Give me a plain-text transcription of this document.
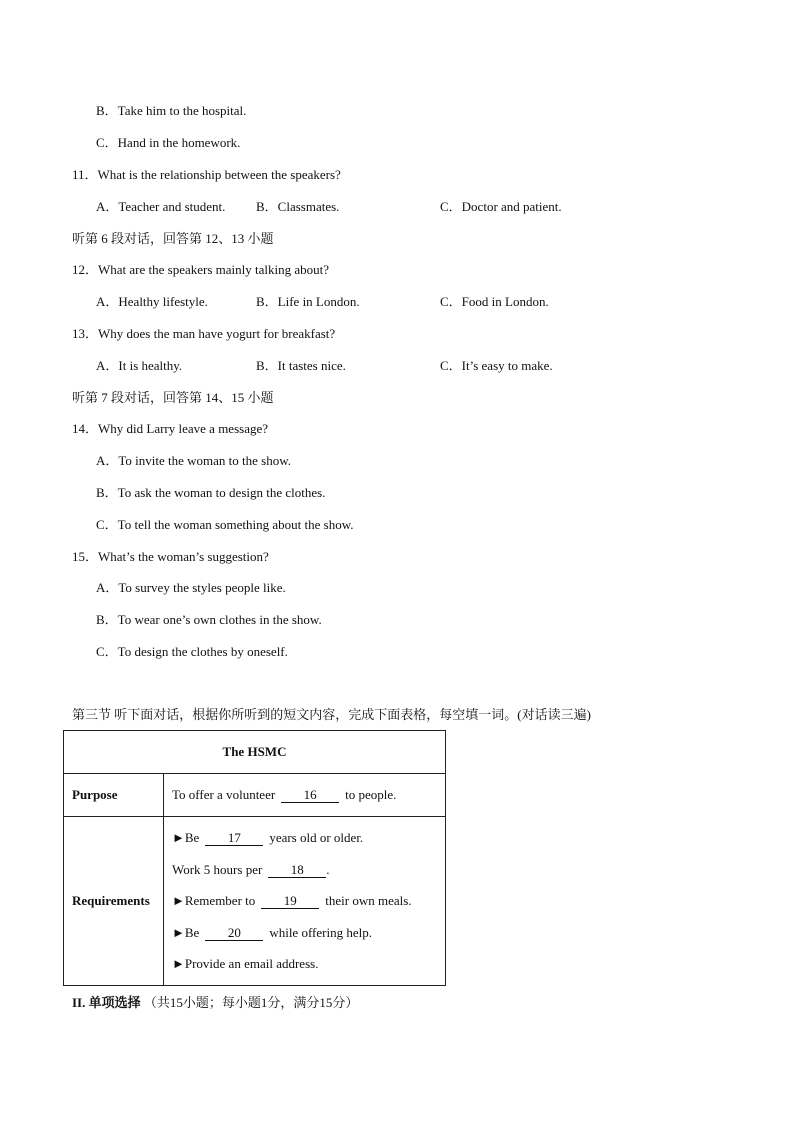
B．Take him to the hospital.
C．Hand in the homework.
11．What is the relationship between the speakers?
A．Teacher and student. B．Classmates.	C．Doctor and patient.
听第 6 段对话，回答第 12、13 小题
12．What are the speakers mainly talking about?
A．Healthy lifestyle.	B．Life in London.	C．Food in London.
13．Why does the man have yogurt for breakfast?
A．It is healthy.	B．It tastes nice.	C．It’s easy to make.
听第 7 段对话，回答第 14、15 小题
14．Why did Larry leave a message?
A．To invite the woman to the show.
B．To ask the woman to design the clothes.
C．To tell the woman something about the show.
15．What’s the woman’s suggestion?
A．To survey the styles people like.
B．To wear one’s own clothes in the show.
C．To design the clothes by oneself.
第三节 听下面对话，根据你所听到的短文内容，完成下面表格，每空填一词。(对话读三遍)
The HSMC	
Purpose	To offer a volunteer 16 to people.

Requirements	►Be 17 years old or older.
Work 5 hours per 18 .
►Remember to 19 their own meals.
►Be 20 while offering help.
►Provide an email address.
II. 单项选择 （共15小题；每小题1分，满分15分）
